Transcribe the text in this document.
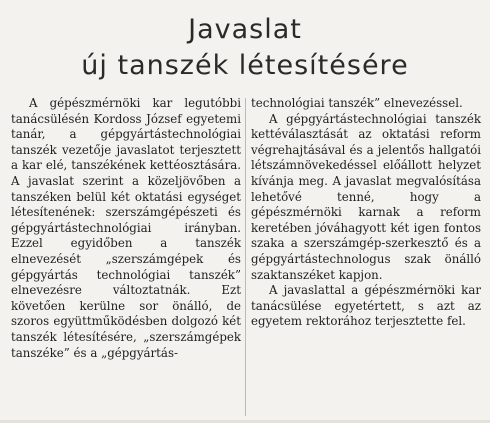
Javaslat
új tanszék létesítésére

A gépészmérnöki kar legutóbbi tanácsülésén Kordoss József egyetemi tanár, a gépgyártástechnológiai tanszék vezetője javaslatot terjesztett a kar elé, tanszékének kettéosztására. A javaslat szerint a közeljövőben a tanszéken belül két oktatási egységet létesítenének: szerszámgépészeti és gépgyártástechnológiai irányban. Ezzel egyidőben a tanszék elnevezését „szerszámgépek és gépgyártás technológiai tanszék” elnevezésre változtatnák. Ezt követően kerülne sor önálló, de szoros együttműködésben dolgozó két tanszék létesítésére, „szerszámgépek tanszéke” és a „gépgyártás-

technológiai tanszék” elnevezéssel.

A gépgyártástechnológiai tanszék kettéválasztását az oktatási reform végrehajtásával és a jelentős hallgatói létszámnövekedéssel előállott helyzet kívánja meg. A javaslat megvalósítása lehetővé tenné, hogy a gépészmérnöki karnak a reform keretében jóváhagyott két igen fontos szaka a szerszámgép-szerkesztő és a gépgyártástechnologus szak önálló szaktanszéket kapjon.

A javaslattal a gépészmérnöki kar tanácsülése egyetértett, s azt az egyetem rektorához terjesztette fel.
